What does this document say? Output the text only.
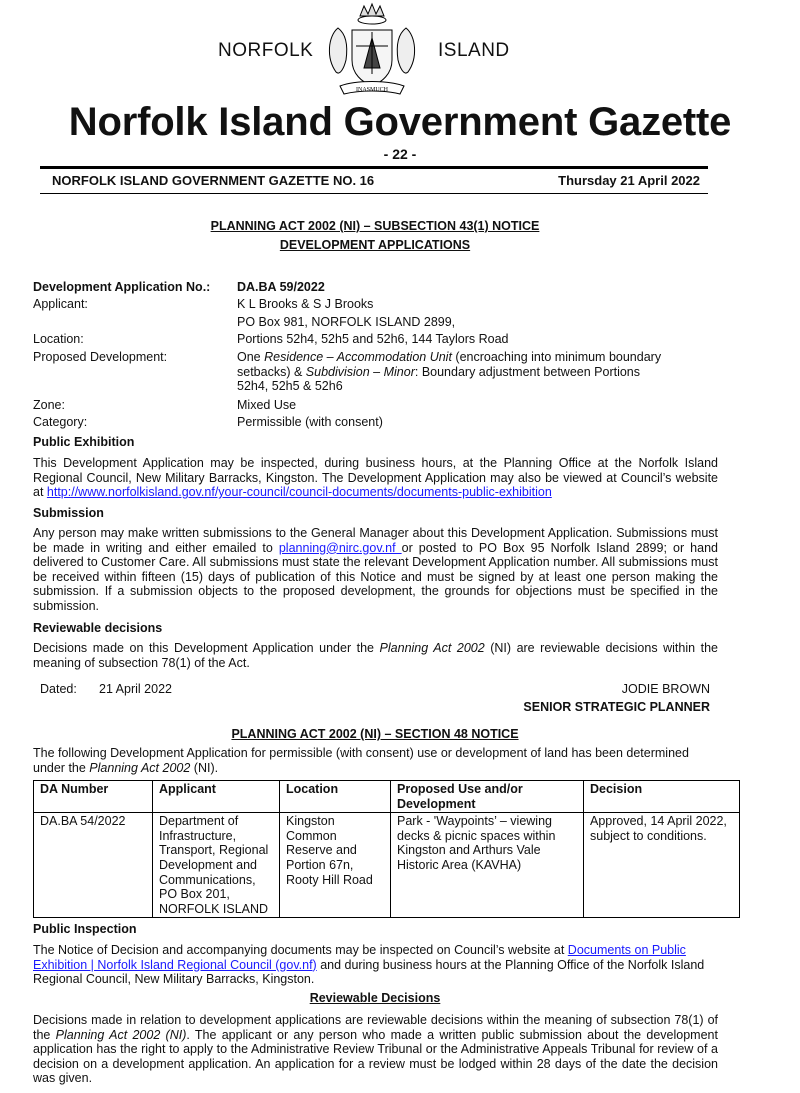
NORFOLK
INASMUCH
ISLAND
Norfolk Island Government Gazette
- 22 -
NORFOLK ISLAND GOVERNMENT GAZETTE NO. 16	Thursday 21 April 2022
PLANNING ACT 2002 (NI) – SUBSECTION 43(1) NOTICE
DEVELOPMENT APPLICATIONS
Development Application No.: DA.BA 59/2022
Applicant:	K L Brooks & S J Brooks
PO Box 981, NORFOLK ISLAND 2899,
Location:	Portions 52h4, 52h5 and 52h6, 144 Taylors Road
Proposed Development:	One Residence – Accommodation Unit (encroaching into minimum boundary setbacks) & Subdivision – Minor: Boundary adjustment between Portions 52h4, 52h5 & 52h6
Zone:	Mixed Use
Category:	Permissible (with consent)
Public Exhibition
This Development Application may be inspected, during business hours, at the Planning Office at the Norfolk Island Regional Council, New Military Barracks, Kingston. The Development Application may also be viewed at Council’s website at http://www.norfolkisland.gov.nf/your-council/council-documents/documents-public-exhibition
Submission
Any person may make written submissions to the General Manager about this Development Application. Submissions must be made in writing and either emailed to planning@nirc.gov.nf or posted to PO Box 95 Norfolk Island 2899; or hand delivered to Customer Care. All submissions must state the relevant Development Application number. All submissions must be received within fifteen (15) days of publication of this Notice and must be signed by at least one person making the submission. If a submission objects to the proposed development, the grounds for objections must be specified in the submission.
Reviewable decisions
Decisions made on this Development Application under the Planning Act 2002 (NI) are reviewable decisions within the meaning of subsection 78(1) of the Act.
Dated: 21 April 2022	JODIE BROWN
SENIOR STRATEGIC PLANNER
PLANNING ACT 2002 (NI) – SECTION 48 NOTICE
The following Development Application for permissible (with consent) use or development of land has been determined under the Planning Act 2002 (NI).
DA Number	Applicant	Location	Proposed Use and/or Development	Decision
DA.BA 54/2022	Department of Infrastructure, Transport, Regional Development and Communications, PO Box 201, NORFOLK ISLAND	Kingston Common Reserve and Portion 67n, Rooty Hill Road	Park - 'Waypoints’ – viewing decks & picnic spaces within Kingston and Arthurs Vale Historic Area (KAVHA)	Approved, 14 April 2022, subject to conditions.
Public Inspection
The Notice of Decision and accompanying documents may be inspected on Council’s website at Documents on Public Exhibition | Norfolk Island Regional Council (gov.nf) and during business hours at the Planning Office of the Norfolk Island Regional Council, New Military Barracks, Kingston.
Reviewable Decisions
Decisions made in relation to development applications are reviewable decisions within the meaning of subsection 78(1) of the Planning Act 2002 (NI). The applicant or any person who made a written public submission about the development application has the right to apply to the Administrative Review Tribunal or the Administrative Appeals Tribunal for review of a decision on a development application. An application for a review must be lodged within 28 days of the date the decision was given.
